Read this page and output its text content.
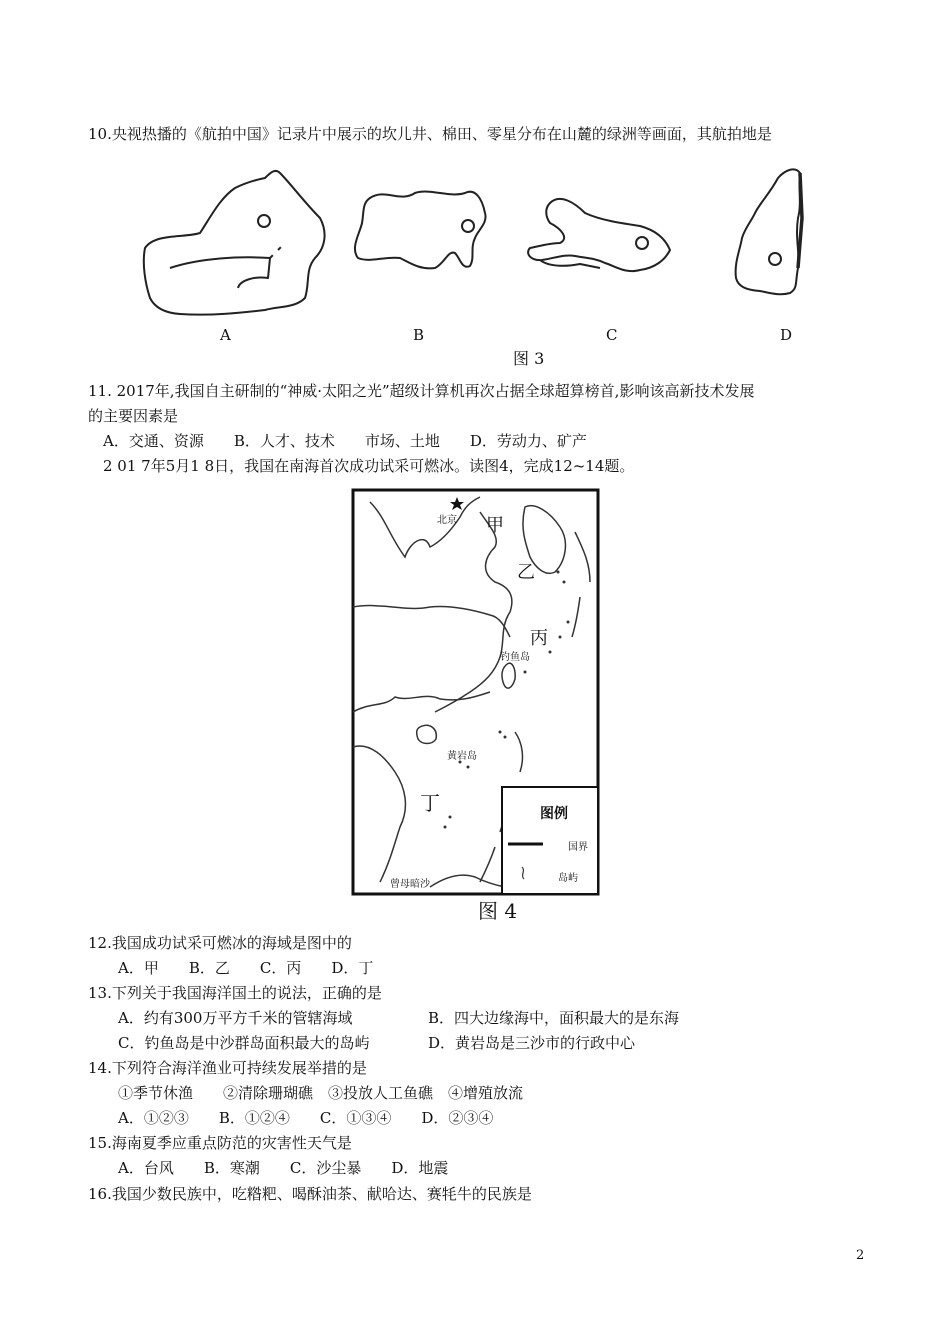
10.央视热播的《航拍中国》记录片中展示的坎儿井、棉田、零星分布在山麓的绿洲等画面，其航拍地是
A	B	C	D
图 3
11. 2017年,我国自主研制的“神威·太阳之光”超级计算机再次占据全球超算榜首,影响该高新技术发展
的主要因素是
A．交通、资源　　B．人才、技术　　市场、土地　　D．劳动力、矿产
2 01 7年5月1 8日，我国在南海首次成功试采可燃冰。读图4，完成12~14题。
北京 甲
乙
丙
钓鱼岛
黄岩岛
丁
曾母暗沙
图例
国界
岛屿
图 4
12.我国成功试采可燃冰的海域是图中的
A．甲　　B．乙　　C．丙　　D．丁
13.下列关于我国海洋国土的说法，正确的是
A．约有300万平方千米的管辖海域	B．四大边缘海中，面积最大的是东海
C．钓鱼岛是中沙群岛面积最大的岛屿	D．黄岩岛是三沙市的行政中心
14.下列符合海洋渔业可持续发展举措的是
①季节休渔　　②清除珊瑚礁　③投放人工鱼礁　④增殖放流
A．①②③　　B．①②④　　C．①③④　　D．②③④
15.海南夏季应重点防范的灾害性天气是
A．台风　　B．寒潮　　C．沙尘暴　　D．地震
16.我国少数民族中，吃糌粑、喝酥油茶、献哈达、赛牦牛的民族是
2
